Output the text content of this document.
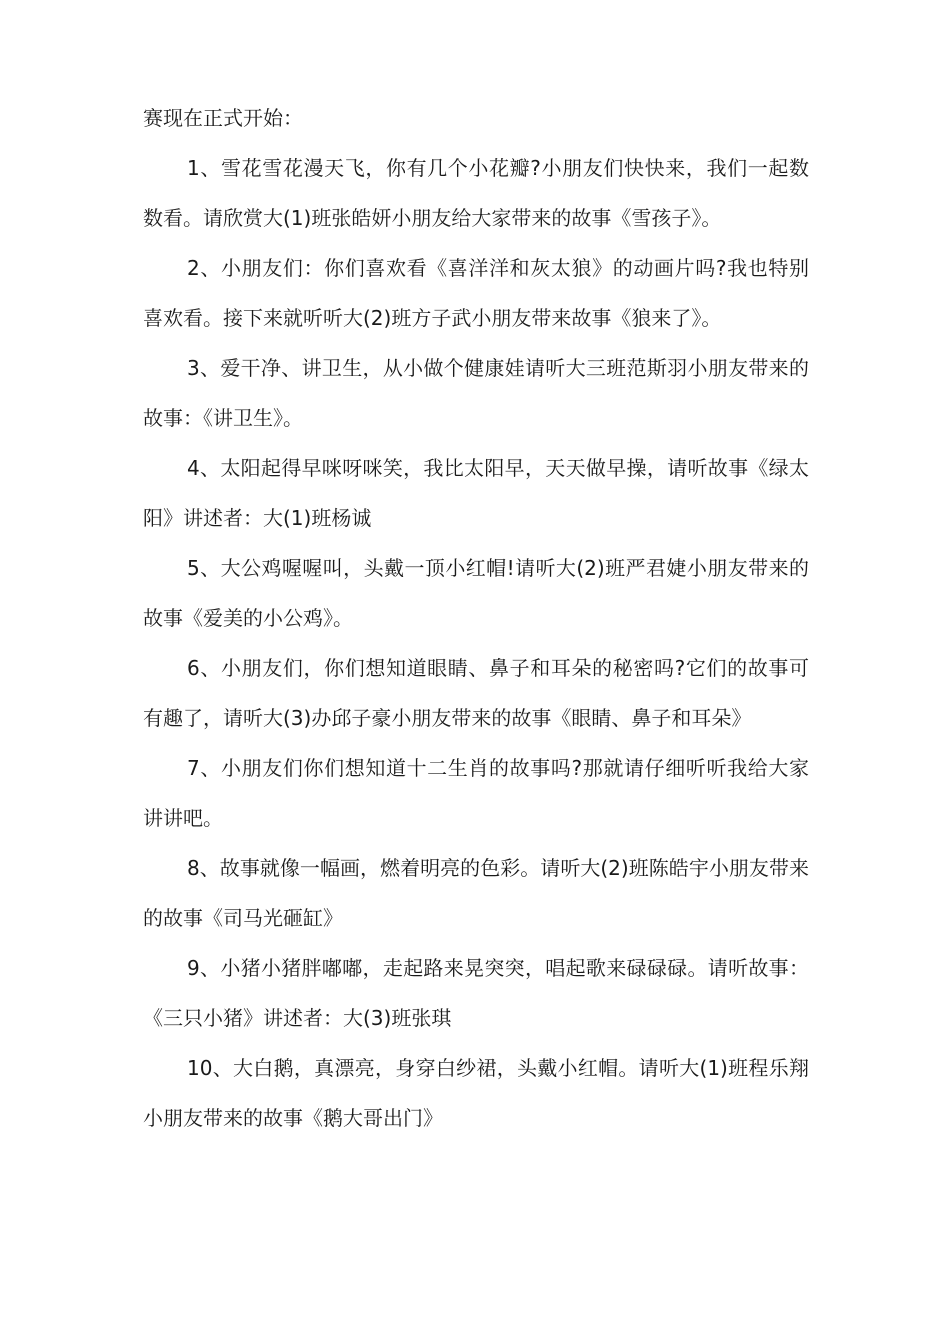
赛现在正式开始：

1、雪花雪花漫天飞，你有几个小花瓣?小朋友们快快来，我们一起数数看。请欣赏大(1)班张皓妍小朋友给大家带来的故事《雪孩子》。

2、小朋友们：你们喜欢看《喜洋洋和灰太狼》的动画片吗?我也特别喜欢看。接下来就听听大(2)班方子武小朋友带来故事《狼来了》。

3、爱干净、讲卫生，从小做个健康娃请听大三班范斯羽小朋友带来的故事：《讲卫生》。

4、太阳起得早咪呀咪笑，我比太阳早，天天做早操，请听故事《绿太阳》讲述者：大(1)班杨诚

5、大公鸡喔喔叫，头戴一顶小红帽!请听大(2)班严君婕小朋友带来的故事《爱美的小公鸡》。

6、小朋友们，你们想知道眼睛、鼻子和耳朵的秘密吗?它们的故事可有趣了，请听大(3)办邱子豪小朋友带来的故事《眼睛、鼻子和耳朵》

7、小朋友们你们想知道十二生肖的故事吗?那就请仔细听听我给大家讲讲吧。

8、故事就像一幅画，燃着明亮的色彩。请听大(2)班陈皓宇小朋友带来的故事《司马光砸缸》

9、小猪小猪胖嘟嘟，走起路来晃突突，唱起歌来碌碌碌。请听故事：《三只小猪》讲述者：大(3)班张琪

10、大白鹅，真漂亮，身穿白纱裙，头戴小红帽。请听大(1)班程乐翔小朋友带来的故事《鹅大哥出门》
